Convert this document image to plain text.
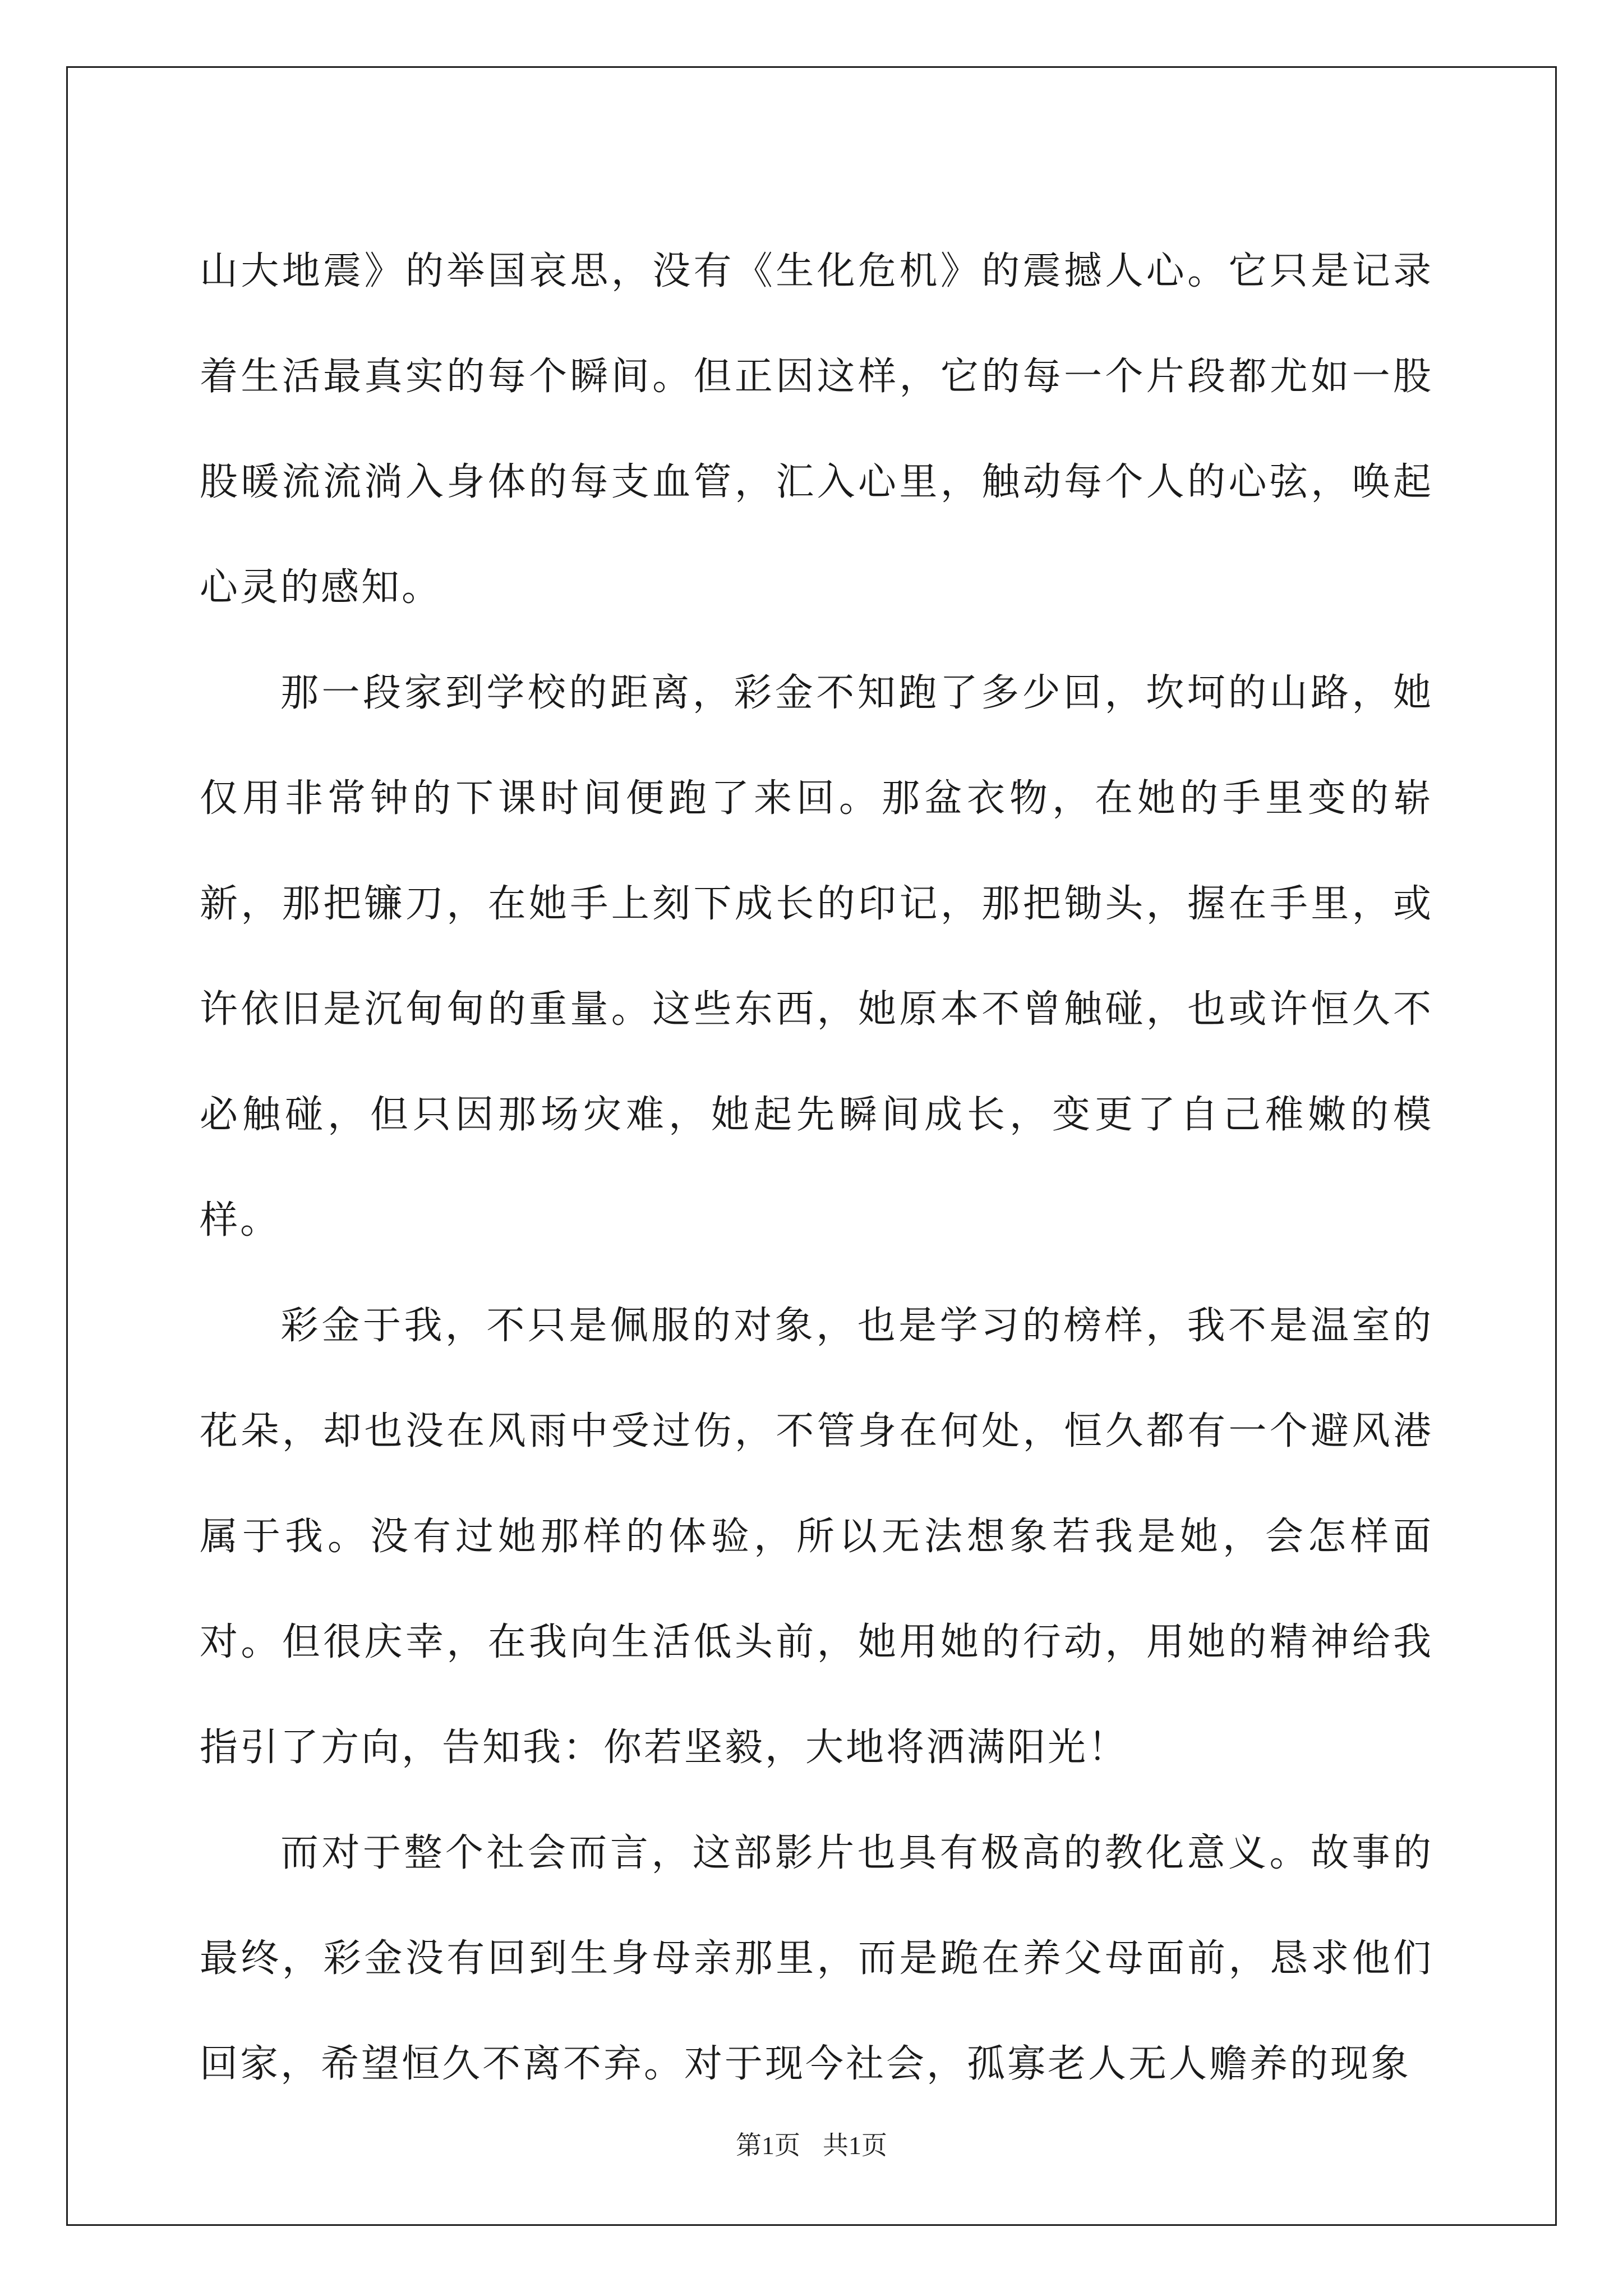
山大地震》的举国哀思，没有《生化危机》的震撼人心。它只是记录着生活最真实的每个瞬间。但正因这样，它的每一个片段都尤如一股股暖流流淌入身体的每支血管，汇入心里，触动每个人的心弦，唤起心灵的感知。

那一段家到学校的距离，彩金不知跑了多少回，坎坷的山路，她仅用非常钟的下课时间便跑了来回。那盆衣物，在她的手里变的崭新，那把镰刀，在她手上刻下成长的印记，那把锄头，握在手里，或许依旧是沉甸甸的重量。这些东西，她原本不曾触碰，也或许恒久不必触碰，但只因那场灾难，她起先瞬间成长，变更了自己稚嫩的模样。

彩金于我，不只是佩服的对象，也是学习的榜样，我不是温室的花朵，却也没在风雨中受过伤，不管身在何处，恒久都有一个避风港属于我。没有过她那样的体验，所以无法想象若我是她，会怎样面对。但很庆幸，在我向生活低头前，她用她的行动，用她的精神给我指引了方向，告知我：你若坚毅，大地将洒满阳光！

而对于整个社会而言，这部影片也具有极高的教化意义。故事的最终，彩金没有回到生身母亲那里，而是跪在养父母面前，恳求他们回家，希望恒久不离不弃。对于现今社会，孤寡老人无人赡养的现象

第1页 共1页
